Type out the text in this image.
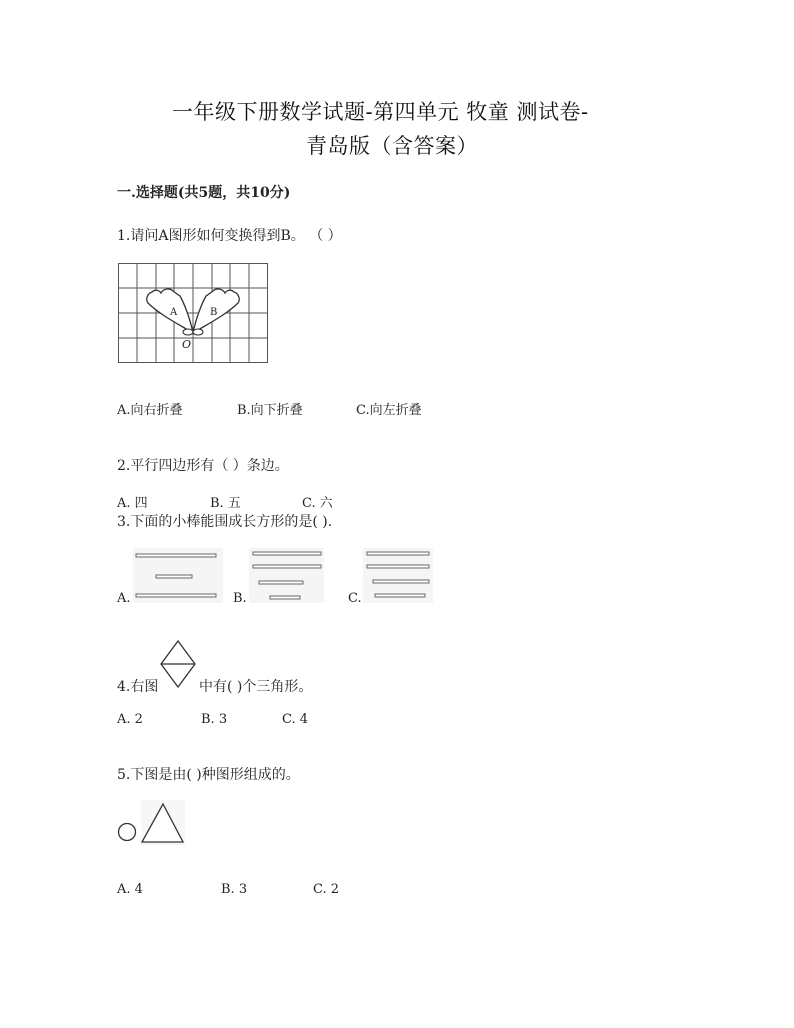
一年级下册数学试题-第四单元 牧童 测试卷-
青岛版（含答案）
一.选择题(共5题，共10分)
1.请问A图形如何变换得到B。 （ ）
A	B
O
A.向右折叠	B.向下折叠	C.向左折叠
2.平行四边形有（ ）条边。
A. 四	B. 五	C. 六
3.下面的小棒能围成长方形的是( ).
A.	B.	C.
4.右图	中有( )个三角形。
A. 2	B. 3	C. 4
5.下图是由( )种图形组成的。
A. 4	B. 3	C. 2
